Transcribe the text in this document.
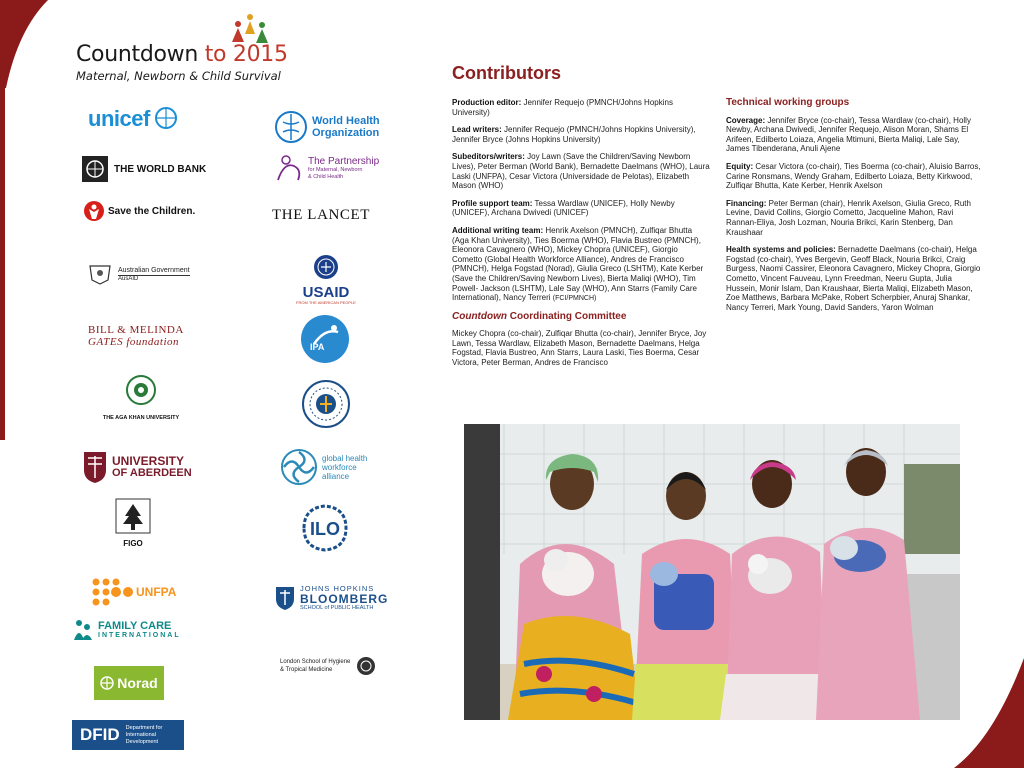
Countdown to 2015
Maternal, Newborn & Child Survival
unicef
THE WORLD BANK
Save the Children.
Australian Government
AusAID
BILL & MELINDA
GATES foundation
THE AGA KHAN UNIVERSITY
UNIVERSITY
OF ABERDEEN
FIGO
UNFPA
FAMILY CARE
INTERNATIONAL
Norad
DFID Department for
International
Development
World Health
Organization
The Partnership
for Maternal, Newborn
& Child Health
THE LANCET
USAID
FROM THE AMERICAN PEOPLE
IPA
global health
workforce
alliance
ILO
JOHNS HOPKINS
BLOOMBERG
SCHOOL of PUBLIC HEALTH
London School of Hygiene
& Tropical Medicine
Contributors

Production editor: Jennifer Requejo (PMNCH/Johns Hopkins University)

Lead writers: Jennifer Requejo (PMNCH/Johns Hopkins University), Jennifer Bryce (Johns Hopkins University)

Subeditors/writers: Joy Lawn (Save the Children/Saving Newborn Lives), Peter Berman (World Bank), Bernadette Daelmans (WHO), Laura Laski (UNFPA), Cesar Victora (Universidade de Pelotas), Elizabeth Mason (WHO)

Profile support team: Tessa Wardlaw (UNICEF), Holly Newby (UNICEF), Archana Dwivedi (UNICEF)

Additional writing team: Henrik Axelson (PMNCH), Zulfiqar Bhutta (Aga Khan University), Ties Boerma (WHO), Flavia Bustreo (PMNCH), Eleonora Cavagnero (WHO), Mickey Chopra (UNICEF), Giorgio Cometto (Global Health Workforce Alliance), Andres de Francisco (PMNCH), Helga Fogstad (Norad), Giulia Greco (LSHTM), Kate Kerber (Save the Children/Saving Newborn Lives), Bierta Maliqi (WHO), Tim Powell- Jackson (LSHTM), Lale Say (WHO), Ann Starrs (Family Care International), Nancy Terreri (FCI/PMNCH)

Countdown Coordinating Committee

Mickey Chopra (co-chair), Zulfiqar Bhutta (co-chair), Jennifer Bryce, Joy Lawn, Tessa Wardlaw, Elizabeth Mason, Bernadette Daelmans, Helga Fogstad, Flavia Bustreo, Ann Starrs, Laura Laski, Ties Boerma, Cesar Victora, Peter Berman, Andres de Francisco

Technical working groups

Coverage: Jennifer Bryce (co-chair), Tessa Wardlaw (co-chair), Holly Newby, Archana Dwivedi, Jennifer Requejo, Alison Moran, Shams El Arifeen, Edilberto Loiaza, Angelia Mtimuni, Bierta Maliqi, Lale Say, James Tibenderana, Anuli Ajene

Equity: Cesar Victora (co-chair), Ties Boerma (co-chair), Aluisio Barros, Carine Ronsmans, Wendy Graham, Edilberto Loiaza, Betty Kirkwood, Zulfiqar Bhutta, Kate Kerber, Henrik Axelson

Financing: Peter Berman (chair), Henrik Axelson, Giulia Greco, Ruth Levine, David Collins, Giorgio Cometto, Jacqueline Mahon, Ravi Rannan-Eliya, Josh Lozman, Nouria Brikci, Karin Stenberg, Dan Kraushaar

Health systems and policies: Bernadette Daelmans (co-chair), Helga Fogstad (co-chair), Yves Bergevin, Geoff Black, Nouria Brikci, Craig Burgess, Naomi Cassirer, Eleonora Cavagnero, Mickey Chopra, Giorgio Cometto, Vincent Fauveau, Lynn Freedman, Neeru Gupta, Julia Hussein, Monir Islam, Dan Kraushaar, Bierta Maliqi, Elizabeth Mason, Zoe Matthews, Barbara McPake, Robert Scherpbier, Anuraj Shankar, Nancy Terreri, Mark Young, David Sanders, Yaron Wolman
